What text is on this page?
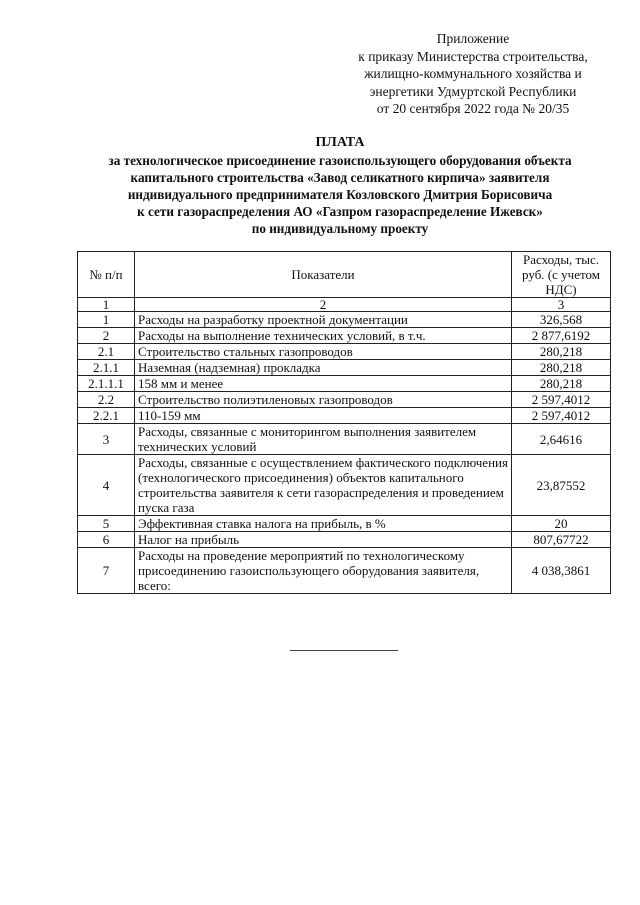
Приложение
к приказу Министерства строительства,
жилищно-коммунального хозяйства и
энергетики Удмуртской Республики
от 20 сентября 2022 года № 20/35
ПЛАТА
за технологическое присоединение газоиспользующего оборудования объекта
капитального строительства «Завод селикатного кирпича» заявителя
индивидуального предпринимателя Козловского Дмитрия Борисовича
к сети газораспределения АО «Газпром газораспределение Ижевск»
по индивидуальному проекту
№ п/п	Показатели	Расходы, тыс. руб. (с учетом НДС)
1	2	3
1	Расходы на разработку проектной документации	326,568
2	Расходы на выполнение технических условий, в т.ч.	2 877,6192
2.1	Строительство стальных газопроводов	280,218
2.1.1	Наземная (надземная) прокладка	280,218
2.1.1.1	158 мм и менее	280,218
2.2	Строительство полиэтиленовых газопроводов	2 597,4012
2.2.1	110-159 мм	2 597,4012
3	Расходы, связанные с мониторингом выполнения заявителем технических условий	2,64616
4	Расходы, связанные с осуществлением фактического подключения (технологического присоединения) объектов капитального строительства заявителя к сети газораспределения и проведением пуска газа	23,87552
5	Эффективная ставка налога на прибыль, в %	20
6	Налог на прибыль	807,67722
7	Расходы на проведение мероприятий по технологическому присоединению газоиспользующего оборудования заявителя, всего:	4 038,3861
